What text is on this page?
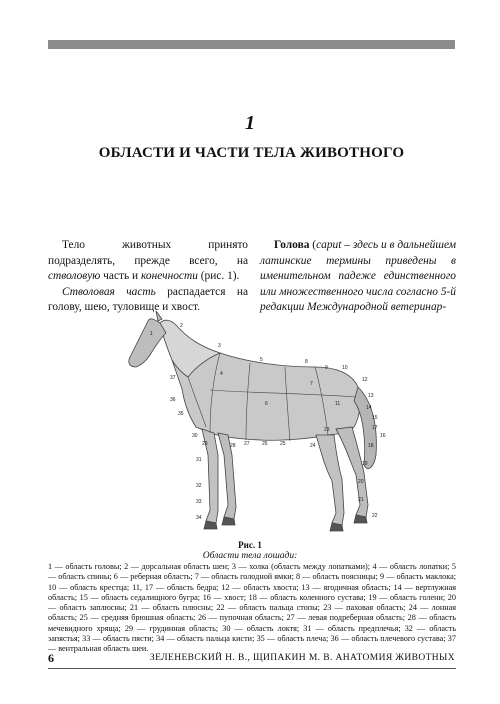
1
ОБЛАСТИ И ЧАСТИ ТЕЛА ЖИВОТНОГО

Тело животных принято подразделять, прежде всего, на стволовую часть и конечности (рис. 1).

Стволовая часть распадается на голову, шею, туловище и хвост.

Голова (caput – здесь и в дальнейшем латинские термины приведены в именительном падеже единственного или множественного числа согласно 5-й редакции Международной ветеринар-

1
2
3
4
5
6
7
8
9	10
11
12
13
14
15
16
17
18
19
20
21
22
23
24
25
26
27
28
29
30
31
32
33
34
35
36
37
Рис. 1
Области тела лошади:
1 — область головы; 2 — дорсальная область шеи; 3 — холка (область между лопатками); 4 — область лопатки; 5 — область спины; 6 — реберная область; 7 — область голодной ямки; 8 — область поясницы; 9 — область маклока; 10 — область крестца; 11, 17 — область бедра; 12 — область хвоста; 13 — ягодичная область; 14 — вертлужная область; 15 — область седалищного бугра; 16 — хвост; 18 — область коленного сустава; 19 — область голени; 20 — область заплюсны; 21 — область плюсны; 22 — область пальца стопы; 23 — паховая область; 24 — лонная область; 25 — средняя брюшная область; 26 — пупочная область; 27 — левая подреберная область; 28 — область мечевидного хряща; 29 — грудинная область; 30 — область локтя; 31 — область предплечья; 32 — область запястья; 33 — область пясти; 34 — область пальца кисти; 35 — область плеча; 36 — область плечевого сустава; 37 — вентральная область шеи.
6	ЗЕЛЕНЕВСКИЙ Н. В., ЩИПАКИН М. В. АНАТОМИЯ ЖИВОТНЫХ
